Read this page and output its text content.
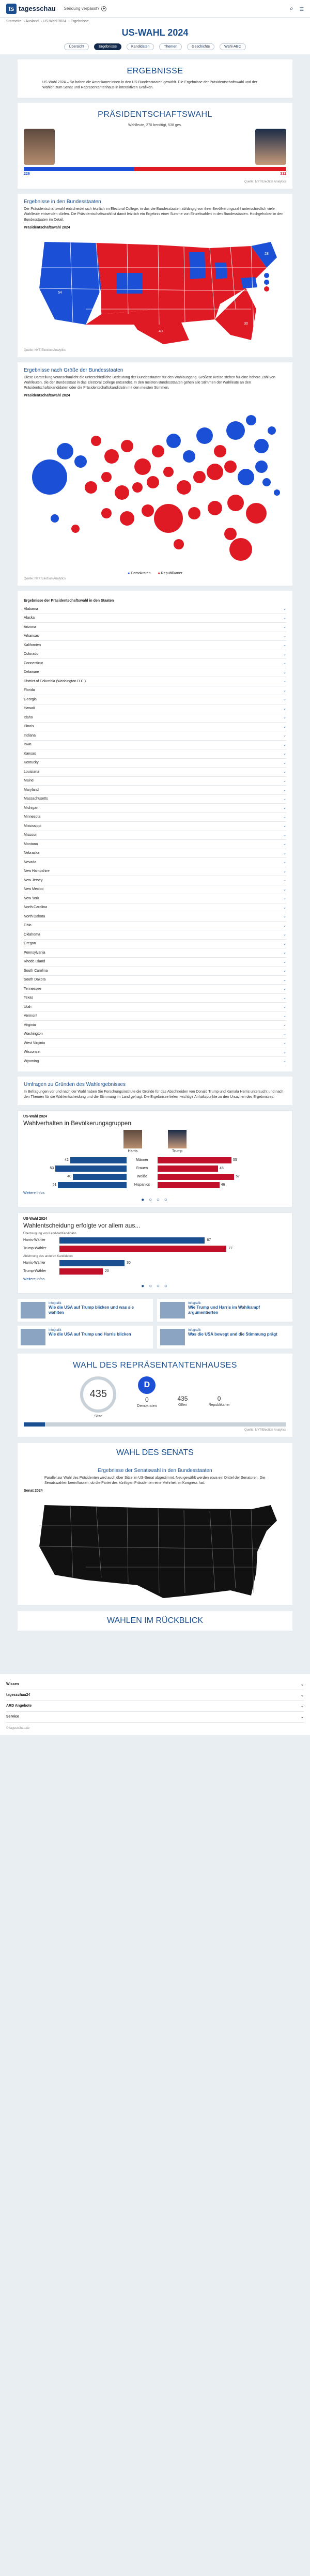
ts tagesschau Sendung verpasst?	▶	⌕ ≡
Startseite › Ausland › US-Wahl 2024 › Ergebnisse
US-WAHL 2024
Übersicht	Ergebnisse	Kandidaten	Themen	Geschichte	Wahl-ABC
ERGEBNISSE
US-Wahl 2024 – So haben die Amerikaner:innen in den US-Bundesstaaten gewählt. Die Ergebnisse der Präsidentschaftswahl und der Wahlen zum Senat und Repräsentantenhaus in interaktiven Grafiken.
PRÄSIDENTSCHAFTSWAHL
Wahlleute, 270 benötigt, 538 ges.
226	312
Quelle: NYT/Election Analytics
Ergebnisse in den Bundesstaaten
Der Präsidentschaftswahl entscheidet sich letztlich im Electoral College, in das die Bundesstaaten abhängig von ihrer Bevölkerungszahl unterschiedlich viele Wahlleute entsenden dürfen. Die Präsidentschaftswahl ist damit letztlich ein Ergebnis einer Summe von Einzelwahlen in den Bundesstaaten. Hochgehoben in den Bundesstaaten im Detail.
Präsidentschaftswahl 2024
54
40
30
28
Quelle: NYT/Election Analytics
Ergebnisse nach Größe der Bundesstaaten
Diese Darstellung veranschaulicht die unterschiedliche Bedeutung der Bundesstaaten für den Wahlausgang. Größere Kreise stehen für eine höhere Zahl von Wahlleuten, die der Bundesstaat in das Electoral College entsendet. In den meisten Bundesstaaten gehen alle Stimmen der Wahlleute an den Präsidentschaftskandidaten oder die Präsidentschaftskandidatin mit den meisten Stimmen.
Präsidentschaftswahl 2024
● Demokraten ● Republikaner
Quelle: NYT/Election Analytics
Ergebnisse der Präsidentschaftswahl in den Staaten
Alabama	⌄
Alaska	⌄
Arizona	⌄
Arkansas	⌄
Kalifornien	⌄
Colorado	⌄
Connecticut	⌄
Delaware	⌄
District of Columbia (Washington D.C.)	⌄
Florida	⌄
Georgia	⌄
Hawaii	⌄
Idaho	⌄
Illinois	⌄
Indiana	⌄
Iowa	⌄
Kansas	⌄
Kentucky	⌄
Louisiana	⌄
Maine	⌄
Maryland	⌄
Massachusetts	⌄
Michigan	⌄
Minnesota	⌄
Mississippi	⌄
Missouri	⌄
Montana	⌄
Nebraska	⌄
Nevada	⌄
New Hampshire	⌄
New Jersey	⌄
New Mexico	⌄
New York	⌄
North Carolina	⌄
North Dakota	⌄
Ohio	⌄
Oklahoma	⌄
Oregon	⌄
Pennsylvania	⌄
Rhode Island	⌄
South Carolina	⌄
South Dakota	⌄
Tennessee	⌄
Texas	⌄
Utah	⌄
Vermont	⌄
Virginia	⌄
Washington	⌄
West Virginia	⌄
Wisconsin	⌄
Wyoming	⌄
Umfragen zu Gründen des Wahlergebnisses
In Befragungen vor und nach der Wahl haben Sie Forschungsinstitute die Gründe für das Abschneiden von Donald Trump und Kamala Harris untersucht und nach den Themen für die Wahlentscheidung und die Stimmung im Land gefragt. Die Ergebnisse liefern wichtige Anhaltspunkte zu den Ursachen des Ergebnisses.
US-Wahl 2024
Wahlverhalten in Bevölkerungsgruppen
Harris	Trump
42	Männer	55
53	Frauen	45
40	Weiße	57
51	Hispanics	46
Weitere Infos
● ○ ○ ○
US-Wahl 2024
Wahlentscheidung erfolgte vor allem aus...
Überzeugung von Kandidat/Kandidatin
Harris-Wähler	67
Trump-Wähler	77
Ablehnung des anderen Kandidaten
Harris-Wähler	30
Trump-Wähler	20
Weitere Infos
● ○ ○ ○
Infografik
Wie die USA auf Trump blicken und was sie wählten
Infografik
Wie Trump und Harris im Wahlkampf argumentierten
Infografik
Wie die USA auf Trump und Harris blicken
Infografik
Was die USA bewegt und die Stimmung prägt
WAHL DES REPRÄSENTANTENHAUSES
435
Sitze
D
0
Demokraten
435
Offen
0
Republikaner
Quelle: NYT/Election Analytics
WAHL DES SENATS
Ergebnisse der Senatswahl in den Bundesstaaten
Parallel zur Wahl des Präsidenten wird auch über Sitze im US-Senat abgestimmt. Neu gewählt werden etwa ein Drittel der Senatoren. Die Senatswahlen beeinflussen, ob die Partei des künftigen Präsidenten eine Mehrheit im Kongress hat.
Senat 2024
WAHLEN IM RÜCKBLICK
Wissen	⌄
tagesschau24	⌄
ARD Angebote	⌄
Service	⌄
© tagesschau.de
